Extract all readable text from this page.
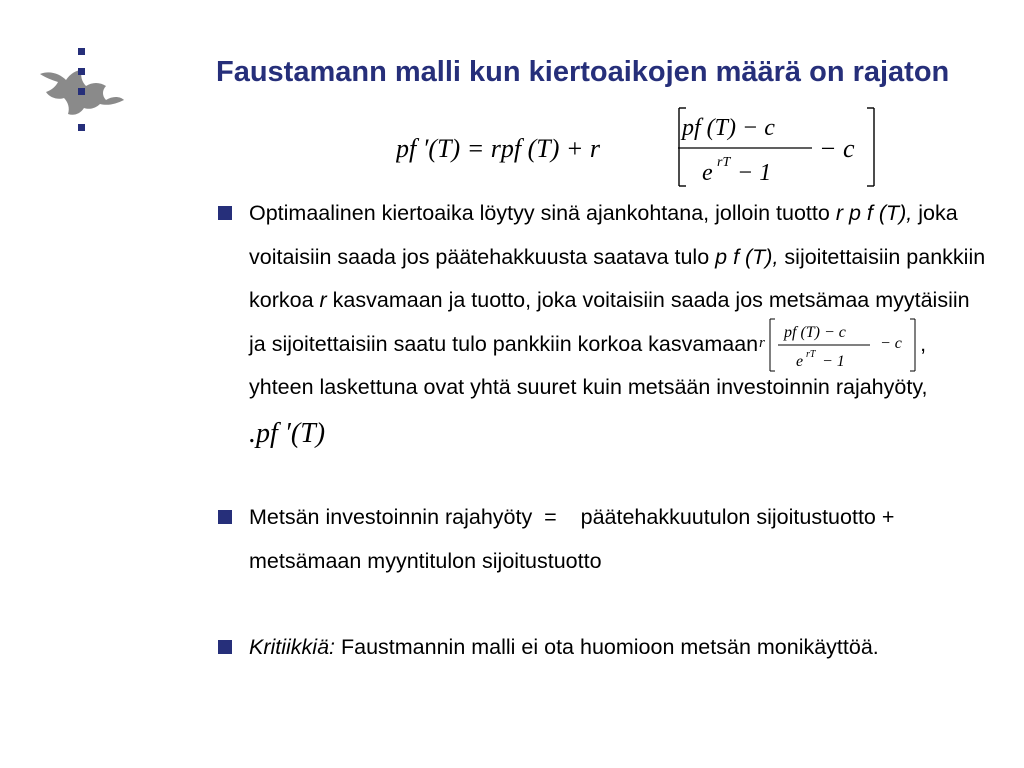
Faustamann malli kun kiertoaikojen määrä on rajaton
pf ′(T) = rpf (T) + r
pf (T) − c
e rT − 1
− c
Optimaalinen kiertoaika löytyy sinä ajankohtana, jolloin tuotto r p f (T), joka voitaisiin saada jos päätehakkuusta saatava tulo p f (T), sijoitettaisiin pankkiin korkoa r kasvamaan ja tuotto, joka voitaisiin saada jos metsämaa myytäisiin ja sijoitettaisiin saatu tulo pankkiin korkoa kasvamaan r
pf (T) − c
e rT − 1
− c , yhteen laskettuna ovat yhtä suuret kuin metsään investoinnin rajahyöty,
.pf ′(T)
Metsän investoinnin rajahyöty  =    päätehakkuutulon sijoitustuotto + metsämaan myyntitulon sijoitustuotto
Kritiikkiä: Faustmannin malli ei ota huomioon metsän monikäyttöä.
